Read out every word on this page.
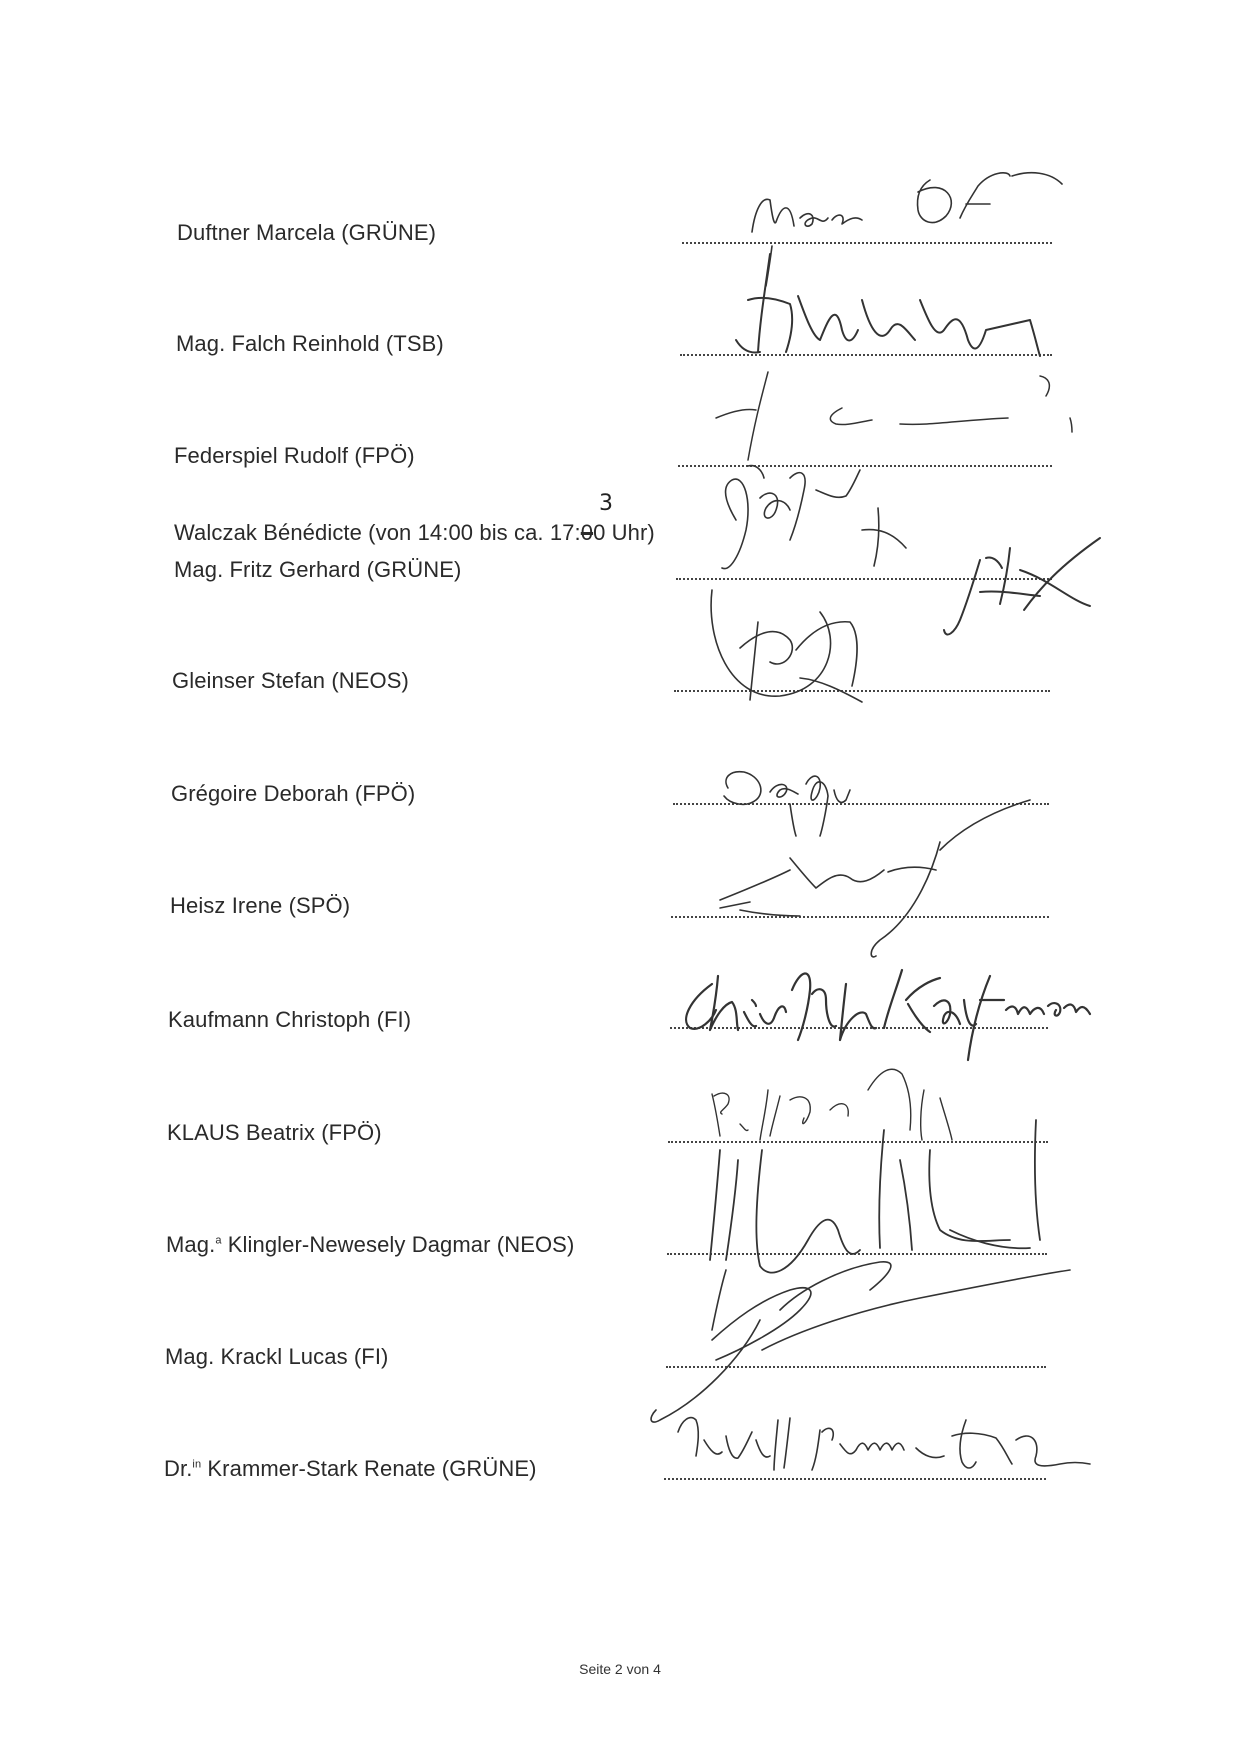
Duftner Marcela (GRÜNE)
Mag. Falch Reinhold (TSB)
Federspiel Rudolf (FPÖ)
Walczak Bénédicte (von 14:00 bis ca. 17:00 Uhr)
3
Mag. Fritz Gerhard (GRÜNE)
Gleinser Stefan (NEOS)
Grégoire Deborah (FPÖ)
Heisz Irene (SPÖ)
Kaufmann Christoph (FI)
KLAUS Beatrix (FPÖ)
Mag.$^a$ Klingler-Newesely Dagmar (NEOS)
Mag. Krackl Lucas (FI)
Dr.$^{in}$ Krammer-Stark Renate (GRÜNE)
Seite 2 von 4
